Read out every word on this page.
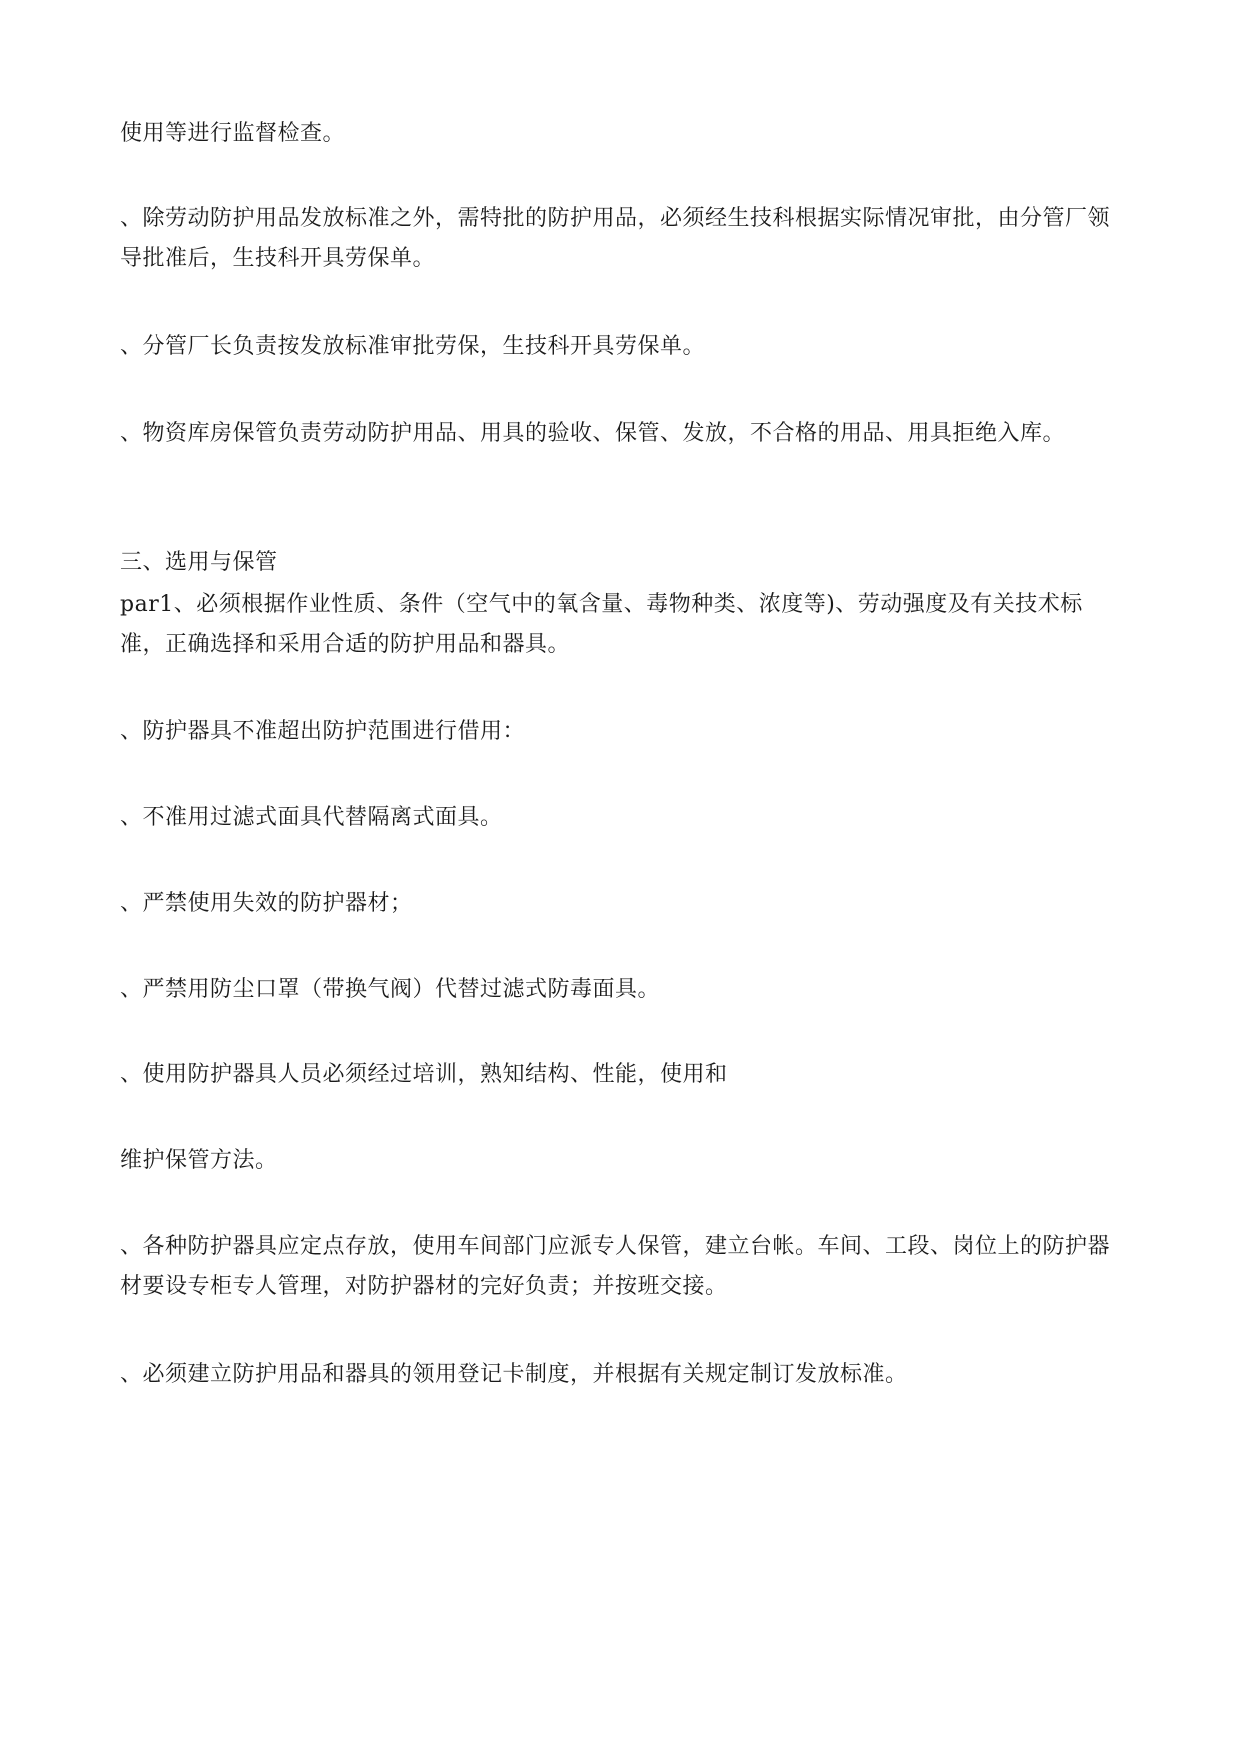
使用等进行监督检查。

、除劳动防护用品发放标准之外，需特批的防护用品，必须经生技科根据实际情况审批，由分管厂领导批准后，生技科开具劳保单。

、分管厂长负责按发放标准审批劳保，生技科开具劳保单。

、物资库房保管负责劳动防护用品、用具的验收、保管、发放，不合格的用品、用具拒绝入库。

三、选用与保管

par1、必须根据作业性质、条件（空气中的氧含量、毒物种类、浓度等)、劳动强度及有关技术标准，正确选择和采用合适的防护用品和器具。

、防护器具不准超出防护范围进行借用：

、不准用过滤式面具代替隔离式面具。

、严禁使用失效的防护器材；

、严禁用防尘口罩（带换气阀）代替过滤式防毒面具。

、使用防护器具人员必须经过培训，熟知结构、性能，使用和

维护保管方法。

、各种防护器具应定点存放，使用车间部门应派专人保管，建立台帐。车间、工段、岗位上的防护器材要设专柜专人管理，对防护器材的完好负责；并按班交接。

、必须建立防护用品和器具的领用登记卡制度，并根据有关规定制订发放标准。
